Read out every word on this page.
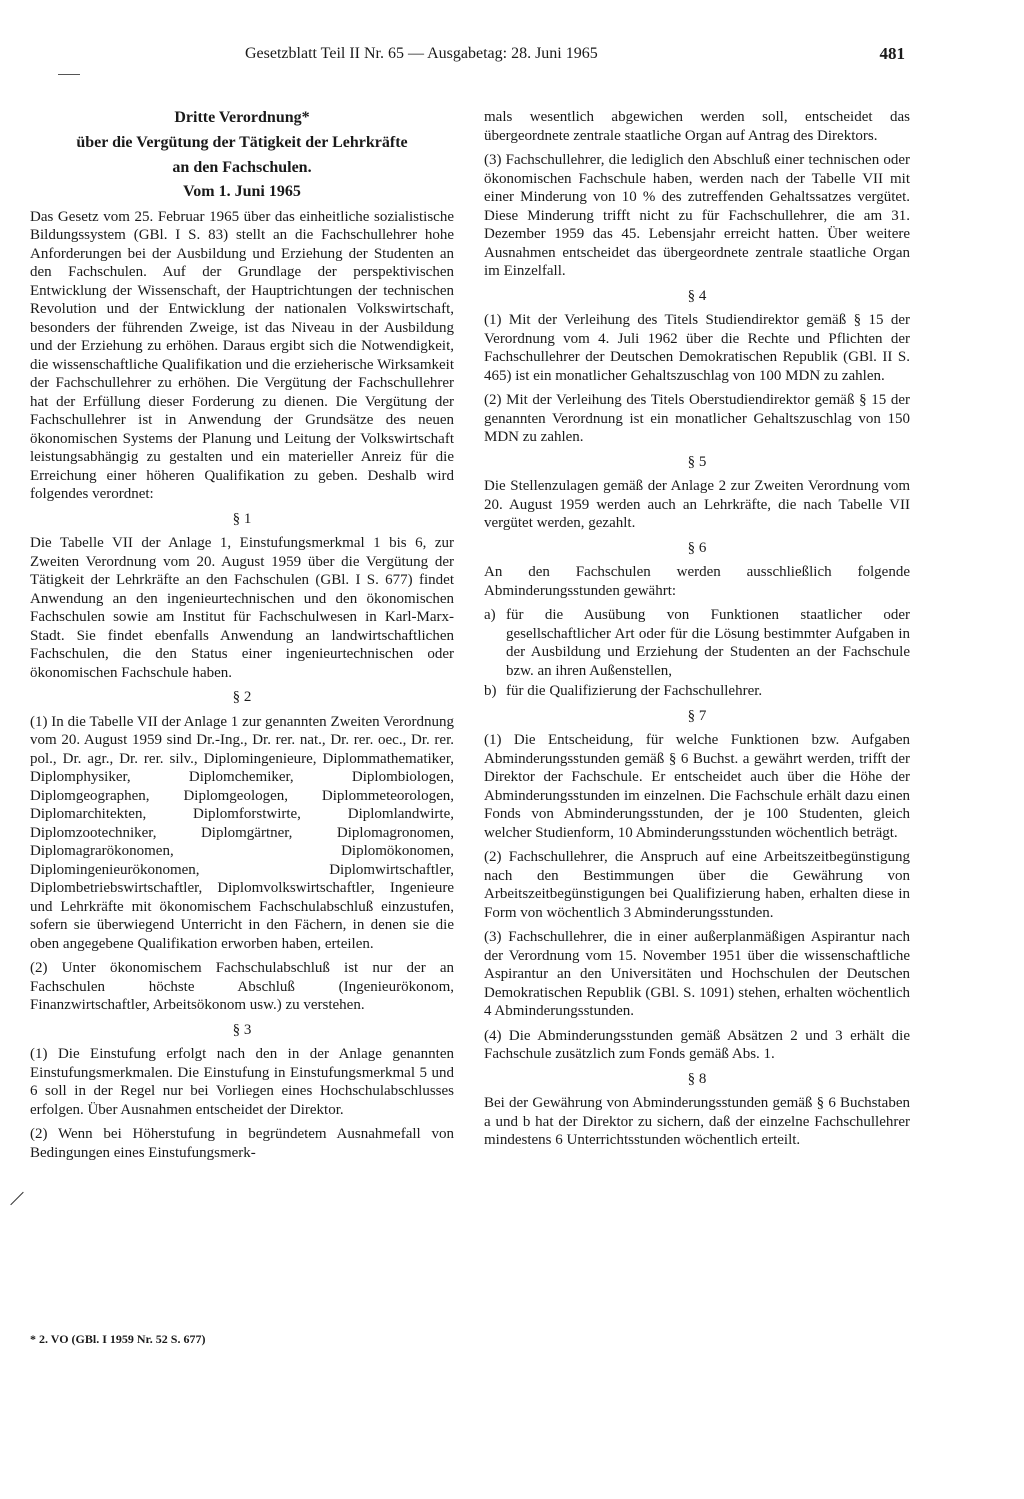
Gesetzblatt Teil II Nr. 65 — Ausgabetag: 28. Juni 1965	481

Dritte Verordnung*

über die Vergütung der Tätigkeit der Lehrkräfte

an den Fachschulen.

Vom 1. Juni 1965

Das Gesetz vom 25. Februar 1965 über das einheitliche sozialistische Bildungssystem (GBl. I S. 83) stellt an die Fachschullehrer hohe Anforderungen bei der Ausbildung und Erziehung der Studenten an den Fachschulen. Auf der Grundlage der perspektivischen Entwicklung der Wissenschaft, der Hauptrichtungen der technischen Revolution und der Entwicklung der nationalen Volkswirtschaft, besonders der führenden Zweige, ist das Niveau in der Ausbildung und der Erziehung zu erhöhen. Daraus ergibt sich die Notwendigkeit, die wissenschaftliche Qualifikation und die erzieherische Wirksamkeit der Fachschullehrer zu erhöhen. Die Vergütung der Fachschullehrer hat der Erfüllung dieser Forderung zu dienen. Die Vergütung der Fachschullehrer ist in Anwendung der Grundsätze des neuen ökonomischen Systems der Planung und Leitung der Volkswirtschaft leistungsabhängig zu gestalten und ein materieller Anreiz für die Erreichung einer höheren Qualifikation zu geben. Deshalb wird folgendes verordnet:

§ 1

Die Tabelle VII der Anlage 1, Einstufungsmerkmal 1 bis 6, zur Zweiten Verordnung vom 20. August 1959 über die Vergütung der Tätigkeit der Lehrkräfte an den Fachschulen (GBl. I S. 677) findet Anwendung an den ingenieurtechnischen und den ökonomischen Fachschulen sowie am Institut für Fachschulwesen in Karl-Marx-Stadt. Sie findet ebenfalls Anwendung an landwirtschaftlichen Fachschulen, die den Status einer ingenieurtechnischen oder ökonomischen Fachschule haben.

§ 2

(1) In die Tabelle VII der Anlage 1 zur genannten Zweiten Verordnung vom 20. August 1959 sind Dr.-Ing., Dr. rer. nat., Dr. rer. oec., Dr. rer. pol., Dr. agr., Dr. rer. silv., Diplomingenieure, Diplommathematiker, Diplomphysiker, Diplomchemiker, Diplombiologen, Diplomgeographen, Diplomgeologen, Diplommeteorologen, Diplomarchitekten, Diplomforstwirte, Diplomlandwirte, Diplomzootechniker, Diplomgärtner, Diplomagronomen, Diplomagrarökonomen, Diplomökonomen, Diplomingenieurökonomen, Diplomwirtschaftler, Diplombetriebswirtschaftler, Diplomvolkswirtschaftler, Ingenieure und Lehrkräfte mit ökonomischem Fachschulabschluß einzustufen, sofern sie überwiegend Unterricht in den Fächern, in denen sie die oben angegebene Qualifikation erworben haben, erteilen.

(2) Unter ökonomischem Fachschulabschluß ist nur der an Fachschulen höchste Abschluß (Ingenieurökonom, Finanzwirtschaftler, Arbeitsökonom usw.) zu verstehen.

§ 3

(1) Die Einstufung erfolgt nach den in der Anlage genannten Einstufungsmerkmalen. Die Einstufung in Einstufungsmerkmal 5 und 6 soll in der Regel nur bei Vorliegen eines Hochschulabschlusses erfolgen. Über Ausnahmen entscheidet der Direktor.

(2) Wenn bei Höherstufung in begründetem Ausnahmefall von Bedingungen eines Einstufungsmerk-

* 2. VO (GBl. I 1959 Nr. 52 S. 677)

mals wesentlich abgewichen werden soll, entscheidet das übergeordnete zentrale staatliche Organ auf Antrag des Direktors.

(3) Fachschullehrer, die lediglich den Abschluß einer technischen oder ökonomischen Fachschule haben, werden nach der Tabelle VII mit einer Minderung von 10 % des zutreffenden Gehaltssatzes vergütet. Diese Minderung trifft nicht zu für Fachschullehrer, die am 31. Dezember 1959 das 45. Lebensjahr erreicht hatten. Über weitere Ausnahmen entscheidet das übergeordnete zentrale staatliche Organ im Einzelfall.

§ 4

(1) Mit der Verleihung des Titels Studiendirektor gemäß § 15 der Verordnung vom 4. Juli 1962 über die Rechte und Pflichten der Fachschullehrer der Deutschen Demokratischen Republik (GBl. II S. 465) ist ein monatlicher Gehaltszuschlag von 100 MDN zu zahlen.

(2) Mit der Verleihung des Titels Oberstudiendirektor gemäß § 15 der genannten Verordnung ist ein monatlicher Gehaltszuschlag von 150 MDN zu zahlen.

§ 5

Die Stellenzulagen gemäß der Anlage 2 zur Zweiten Verordnung vom 20. August 1959 werden auch an Lehrkräfte, die nach Tabelle VII vergütet werden, gezahlt.

§ 6

An den Fachschulen werden ausschließlich folgende Abminderungsstunden gewährt:

a) für die Ausübung von Funktionen staatlicher oder gesellschaftlicher Art oder für die Lösung bestimmter Aufgaben in der Ausbildung und Erziehung der Studenten an der Fachschule bzw. an ihren Außenstellen,
b) für die Qualifizierung der Fachschullehrer.

§ 7

(1) Die Entscheidung, für welche Funktionen bzw. Aufgaben Abminderungsstunden gemäß § 6 Buchst. a gewährt werden, trifft der Direktor der Fachschule. Er entscheidet auch über die Höhe der Abminderungsstunden im einzelnen. Die Fachschule erhält dazu einen Fonds von Abminderungsstunden, der je 100 Studenten, gleich welcher Studienform, 10 Abminderungsstunden wöchentlich beträgt.

(2) Fachschullehrer, die Anspruch auf eine Arbeitszeitbegünstigung nach den Bestimmungen über die Gewährung von Arbeitszeitbegünstigungen bei Qualifizierung haben, erhalten diese in Form von wöchentlich 3 Abminderungsstunden.

(3) Fachschullehrer, die in einer außerplanmäßigen Aspirantur nach der Verordnung vom 15. November 1951 über die wissenschaftliche Aspirantur an den Universitäten und Hochschulen der Deutschen Demokratischen Republik (GBl. S. 1091) stehen, erhalten wöchentlich 4 Abminderungsstunden.

(4) Die Abminderungsstunden gemäß Absätzen 2 und 3 erhält die Fachschule zusätzlich zum Fonds gemäß Abs. 1.

§ 8

Bei der Gewährung von Abminderungsstunden gemäß § 6 Buchstaben a und b hat der Direktor zu sichern, daß der einzelne Fachschullehrer mindestens 6 Unterrichtsstunden wöchentlich erteilt.
